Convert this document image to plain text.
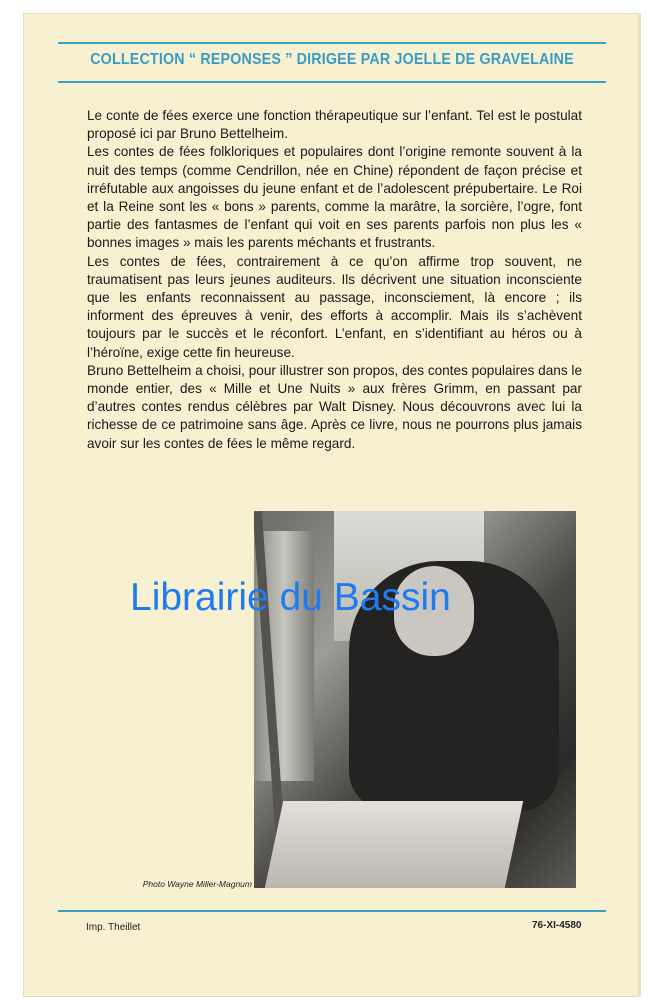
COLLECTION “ REPONSES ” DIRIGEE PAR JOELLE DE GRAVELAINE

Le conte de fées exerce une fonction thérapeutique sur l’enfant. Tel est le postulat proposé ici par Bruno Bettelheim.

Les contes de fées folkloriques et populaires dont l’origine remonte souvent à la nuit des temps (comme Cendrillon, née en Chine) répondent de façon précise et irréfutable aux angoisses du jeune enfant et de l’adolescent prépubertaire. Le Roi et la Reine sont les « bons » parents, comme la marâtre, la sorcière, l’ogre, font partie des fantasmes de l’enfant qui voit en ses parents parfois non plus les « bonnes images » mais les parents méchants et frustrants.

Les contes de fées, contrairement à ce qu’on affirme trop souvent, ne traumatisent pas leurs jeunes auditeurs. Ils décrivent une situation inconsciente que les enfants reconnaissent au passage, inconsciement, là encore ; ils informent des épreuves à venir, des efforts à accomplir. Mais ils s’achèvent toujours par le succès et le réconfort. L’enfant, en s’identifiant au héros ou à l’héroïne, exige cette fin heureuse.

Bruno Bettelheim a choisi, pour illustrer son propos, des contes populaires dans le monde entier, des « Mille et Une Nuits » aux frères Grimm, en passant par d’autres contes rendus célèbres par Walt Disney. Nous découvrons avec lui la richesse de ce patrimoine sans âge. Après ce livre, nous ne pourrons plus jamais avoir sur les contes de fées le même regard.

Photo Wayne Miller-Magnum
Librairie du Bassin
Imp. Theillet	76-XI-4580
